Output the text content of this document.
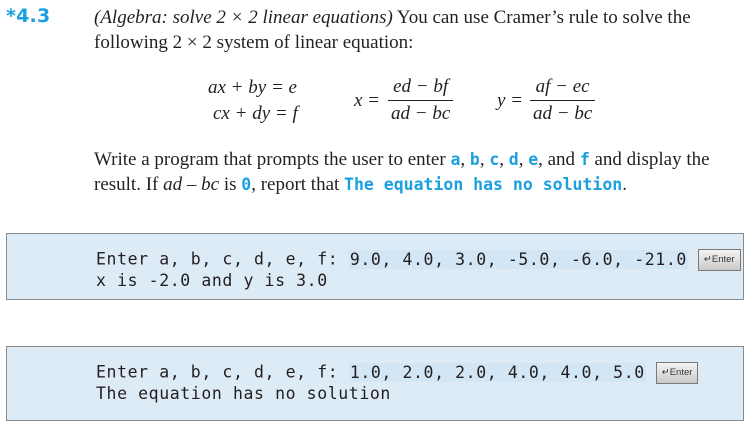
*4.3 (Algebra: solve 2 × 2 linear equations) You can use Cramer’s rule to solve the following 2 × 2 system of linear equation:
ax + by = e
cx + dy = f
x =
ed − bf
ad − bc
y =
af − ec
ad − bc
Write a program that prompts the user to enter a, b, c, d, e, and f and display the result. If ad – bc is 0, report that The equation has no solution.
Enter a, b, c, d, e, f: 9.0, 4.0, 3.0, -5.0, -6.0, -21.0 ↵Enter
x is -2.0 and y is 3.0
Enter a, b, c, d, e, f: 1.0, 2.0, 2.0, 4.0, 4.0, 5.0 ↵Enter
The equation has no solution
